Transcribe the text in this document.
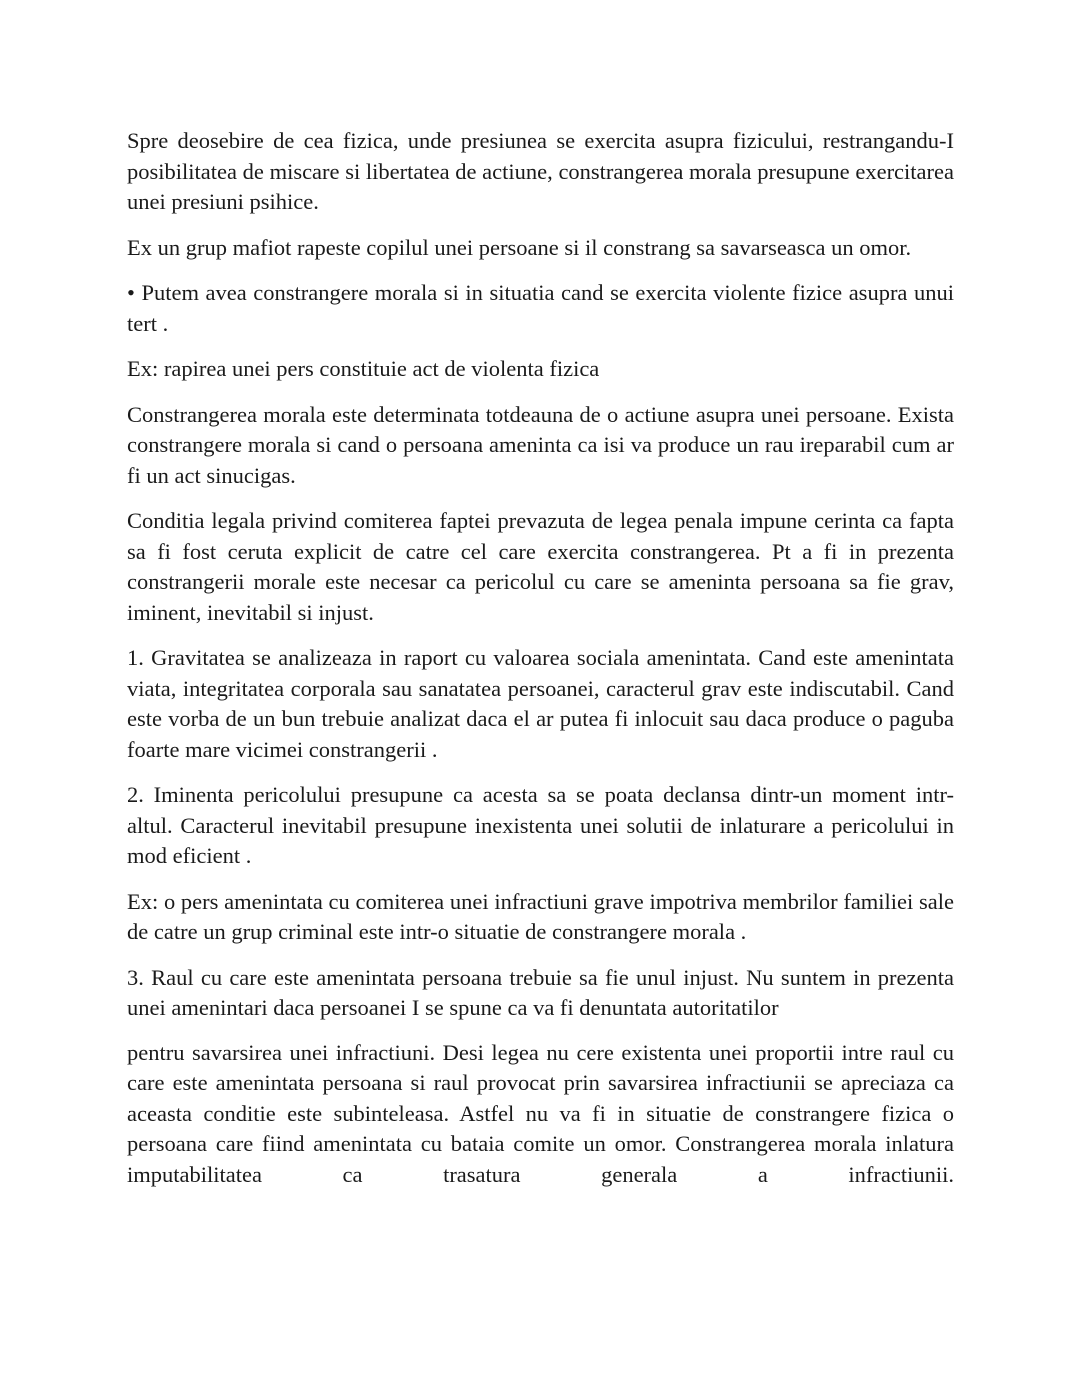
Spre deosebire de cea fizica, unde presiunea se exercita asupra fizicului, restrangandu-I posibilitatea de miscare si libertatea de actiune, constrangerea morala presupune exercitarea unei presiuni psihice.

Ex un grup mafiot rapeste copilul unei persoane si il constrang sa savarseasca un omor.

• Putem avea constrangere morala si in situatia cand se exercita violente fizice asupra unui tert .

Ex: rapirea unei pers constituie act de violenta fizica

Constrangerea morala este determinata totdeauna de o actiune asupra unei persoane. Exista constrangere morala si cand o persoana ameninta ca isi va produce un rau ireparabil cum ar fi un act sinucigas.

Conditia legala privind comiterea faptei prevazuta de legea penala impune cerinta ca fapta sa fi fost ceruta explicit de catre cel care exercita constrangerea. Pt a fi in prezenta constrangerii morale este necesar ca pericolul cu care se ameninta persoana sa fie grav, iminent, inevitabil si injust.

1. Gravitatea se analizeaza in raport cu valoarea sociala amenintata. Cand este amenintata viata, integritatea corporala sau sanatatea persoanei, caracterul grav este indiscutabil. Cand este vorba de un bun trebuie analizat daca el ar putea fi inlocuit sau daca produce o paguba foarte mare vicimei constrangerii .

2. Iminenta pericolului presupune ca acesta sa se poata declansa dintr-un moment intr- altul. Caracterul inevitabil presupune inexistenta unei solutii de inlaturare a pericolului in mod eficient .

Ex: o pers amenintata cu comiterea unei infractiuni grave impotriva membrilor familiei sale de catre un grup criminal este intr-o situatie de constrangere morala .

3. Raul cu care este amenintata persoana trebuie sa fie unul injust. Nu suntem in prezenta unei amenintari daca persoanei I se spune ca va fi denuntata autoritatilor

pentru savarsirea unei infractiuni. Desi legea nu cere existenta unei proportii intre raul cu care este amenintata persoana si raul provocat prin savarsirea infractiunii se apreciaza ca aceasta conditie este subinteleasa. Astfel nu va fi in situatie de constrangere fizica o persoana care fiind amenintata cu bataia comite un omor. Constrangerea morala inlatura imputabilitatea ca trasatura generala a infractiunii.
